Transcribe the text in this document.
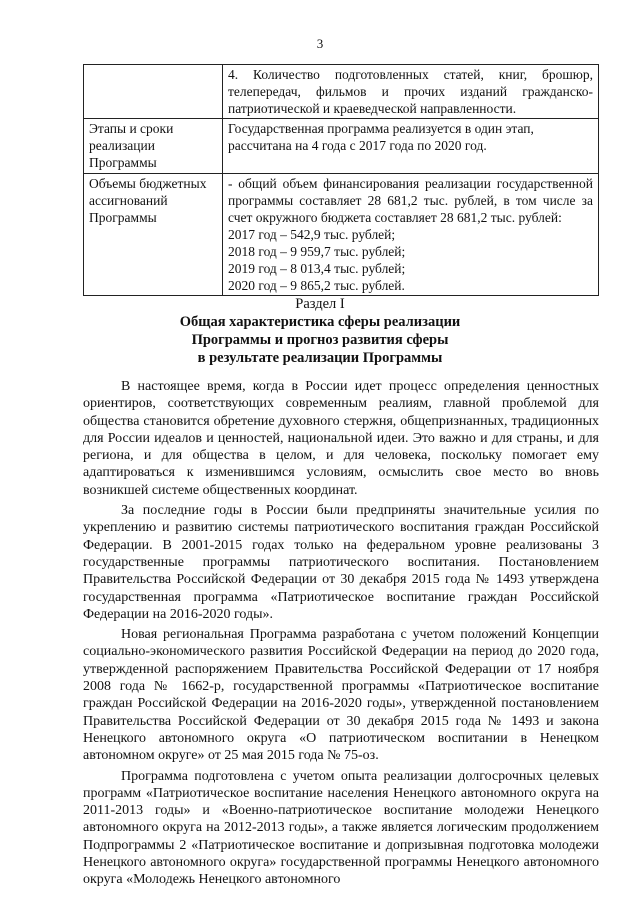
3

	4. Количество подготовленных статей, книг, брошюр,

телепередач, фильмов и прочих изданий гражданско-

патриотической и краеведческой направленности.

Этапы и сроки реализации Программы	Государственная программа реализуется в один этап,

рассчитана на 4 года с 2017 года по 2020 год.

Объемы бюджетных ассигнований Программы	- общий объем финансирования реализации государственной программы составляет 28 681,2 тыс. рублей, в том числе за счет окружного бюджета составляет 28 681,2 тыс. рублей:

2017 год – 542,9 тыс. рублей;

2018 год – 9 959,7 тыс. рублей;

2019 год – 8 013,4 тыс. рублей;

2020 год – 9 865,2 тыс. рублей.

Раздел I
Общая характеристика сферы реализации
Программы и прогноз развития сферы
в результате реализации Программы

В настоящее время, когда в России идет процесс определения ценностных ориентиров, соответствующих современным реалиям, главной проблемой для общества становится обретение духовного стержня, общепризнанных, традиционных для России идеалов и ценностей, национальной идеи. Это важно и для страны, и для региона, и для общества в целом, и для человека, поскольку помогает ему адаптироваться к изменившимся условиям, осмыслить свое место во вновь возникшей системе общественных координат.

За последние годы в России были предприняты значительные усилия по укреплению и развитию системы патриотического воспитания граждан Российской Федерации. В 2001-2015 годах только на федеральном уровне реализованы 3 государственные программы патриотического воспитания. Постановлением Правительства Российской Федерации от 30 декабря 2015 года № 1493 утверждена государственная программа «Патриотическое воспитание граждан Российской Федерации на 2016-2020 годы».

Новая региональная Программа разработана с учетом положений Концепции социально-экономического развития Российской Федерации на период до 2020 года, утвержденной распоряжением Правительства Российской Федерации от 17 ноября 2008 года № 1662-р, государственной программы «Патриотическое воспитание граждан Российской Федерации на 2016-2020 годы», утвержденной постановлением Правительства Российской Федерации от 30 декабря 2015 года № 1493 и закона Ненецкого автономного округа «О патриотическом воспитании в Ненецком автономном округе» от 25 мая 2015 года № 75-оз.

Программа подготовлена с учетом опыта реализации долгосрочных целевых программ «Патриотическое воспитание населения Ненецкого автономного округа на 2011-2013 годы» и «Военно-патриотическое воспитание молодежи Ненецкого автономного округа на 2012-2013 годы», а также является логическим продолжением Подпрограммы 2 «Патриотическое воспитание и допризывная подготовка молодежи Ненецкого автономного округа» государственной программы Ненецкого автономного округа «Молодежь Ненецкого автономного
